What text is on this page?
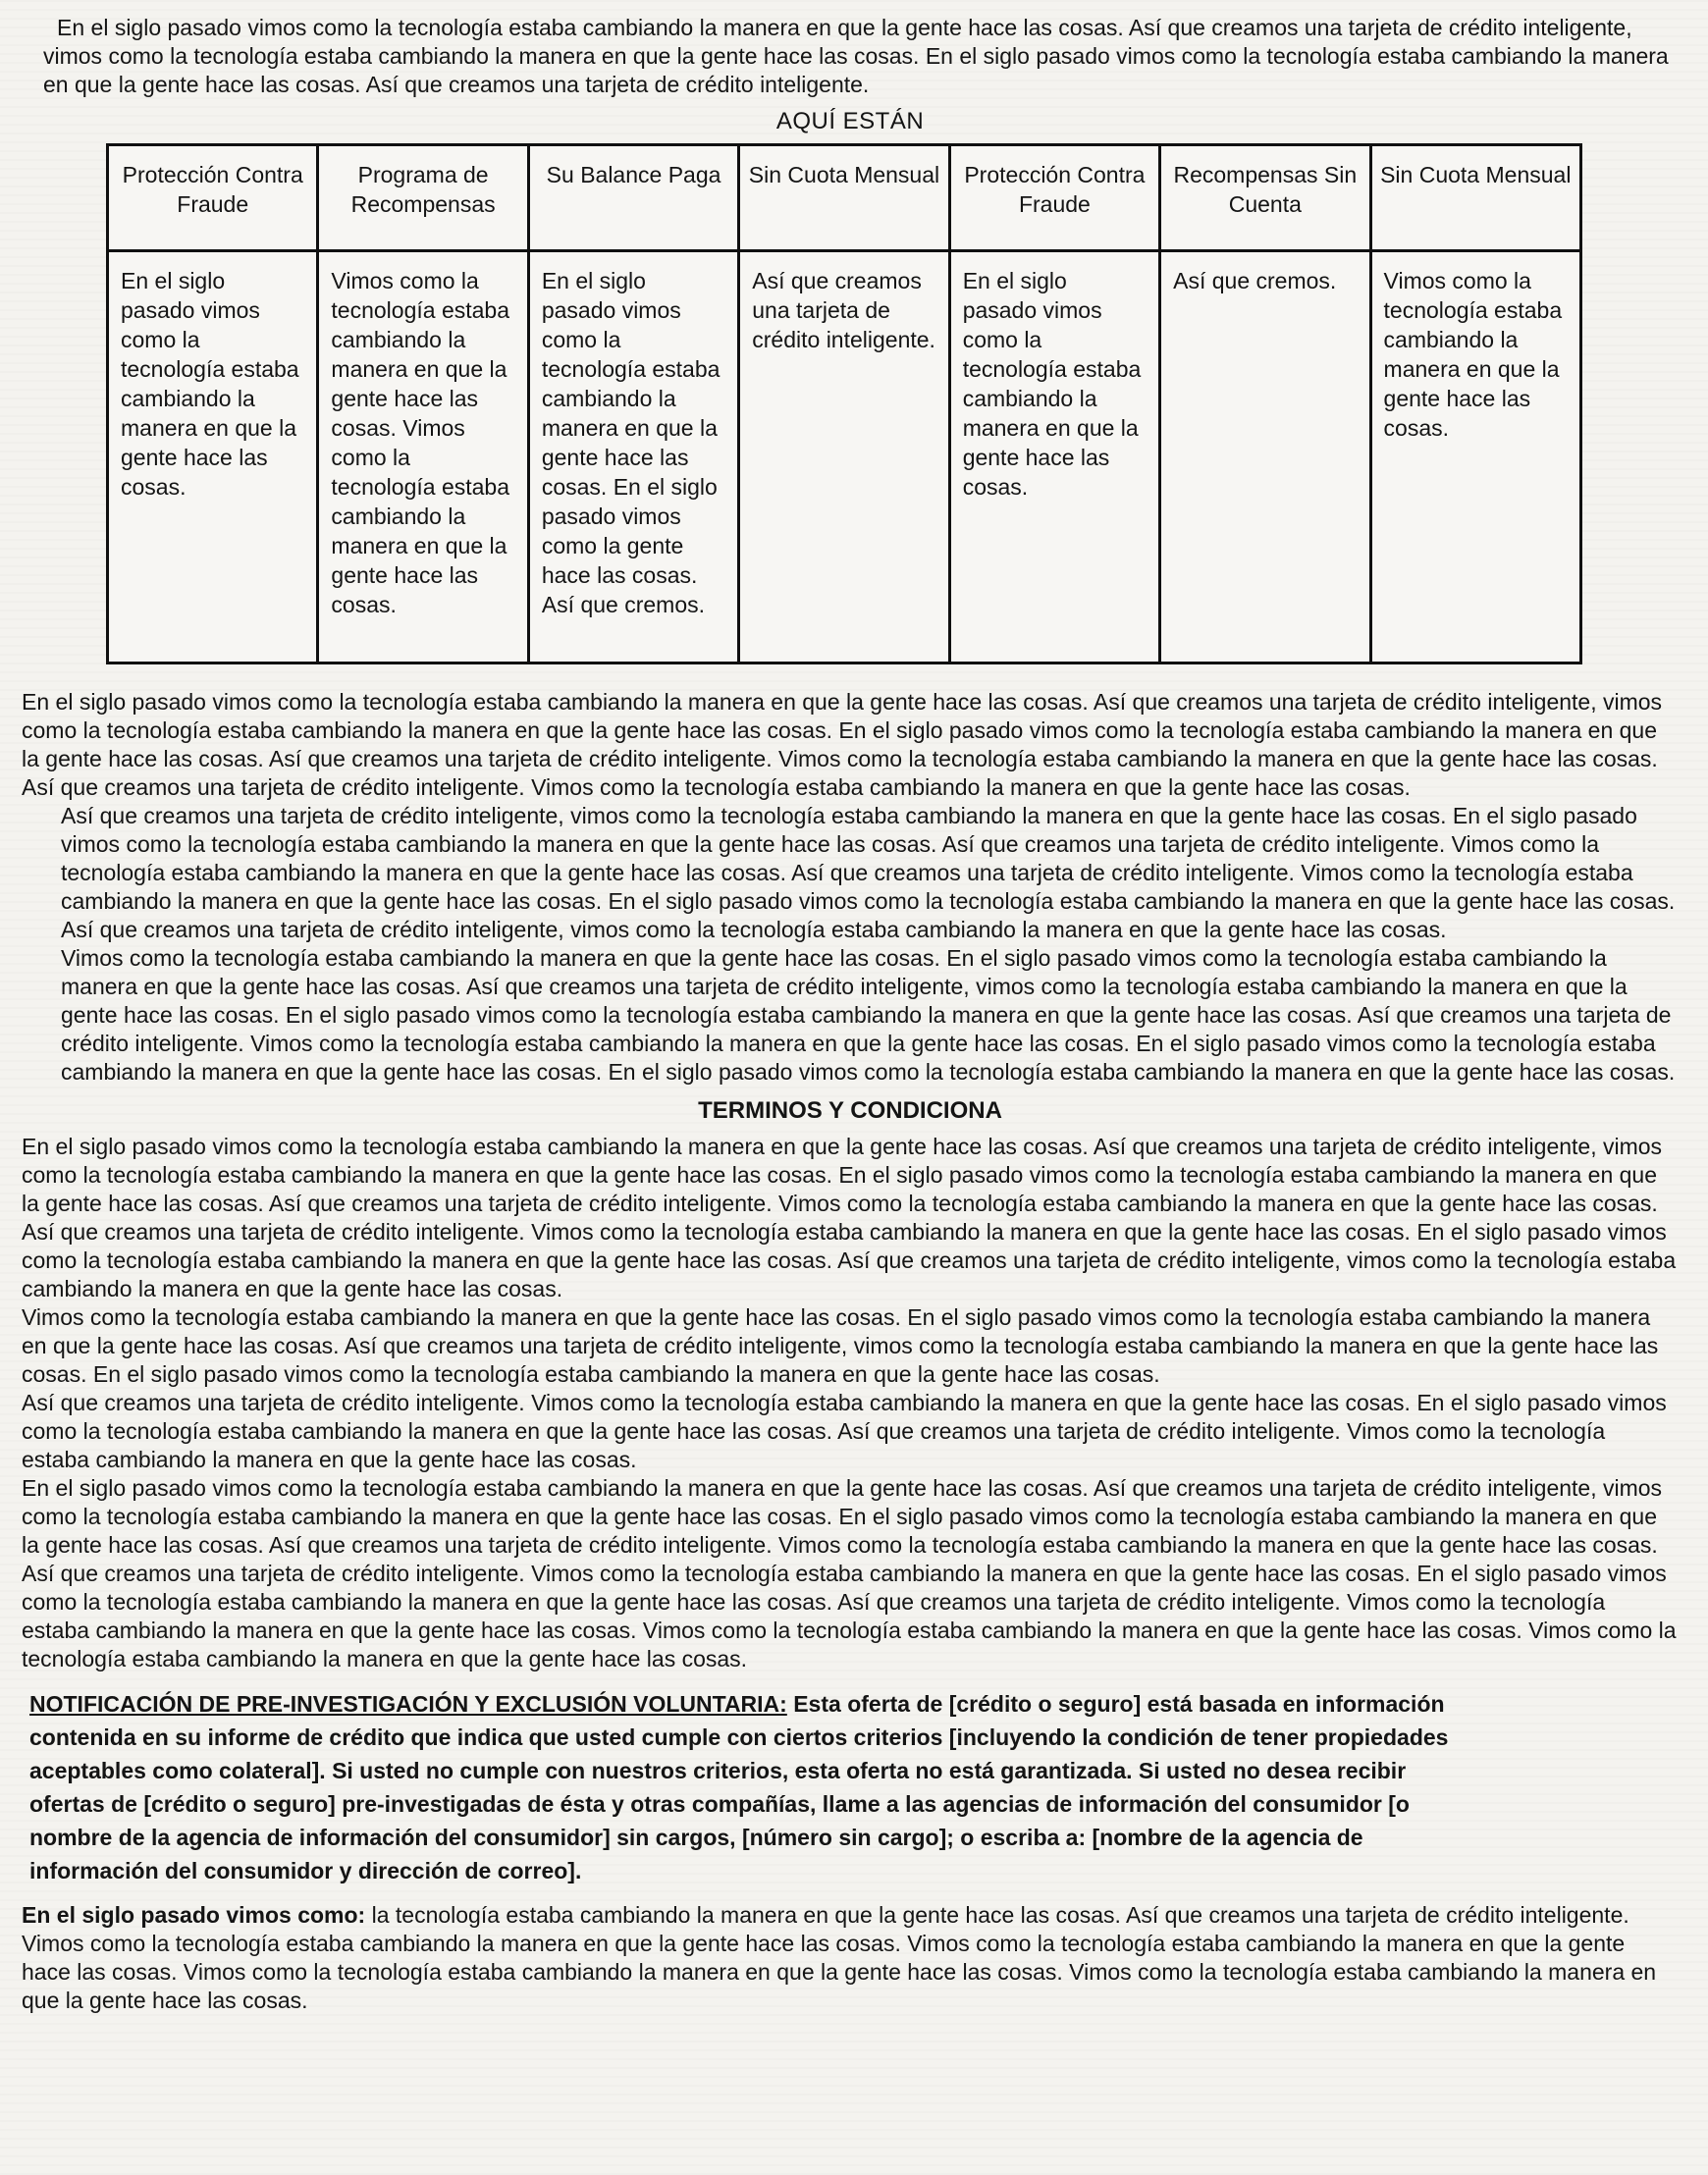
En el siglo pasado vimos como la tecnología estaba cambiando la manera en que la gente hace las cosas. Así que creamos una tarjeta de crédito inteligente, vimos como la tecnología estaba cambiando la manera en que la gente hace las cosas. En el siglo pasado vimos como la tecnología estaba cambiando la manera en que la gente hace las cosas. Así que creamos una tarjeta de crédito inteligente.

AQUÍ ESTÁN
Protección Contra Fraude	Programa de Recompensas	Su Balance Paga	Sin Cuota Mensual	Protección Contra Fraude	Recompensas Sin Cuenta	Sin Cuota Mensual
En el siglo pasado vimos como la tecnología estaba cambiando la manera en que la gente hace las cosas.	Vimos como la tecnología estaba cambiando la manera en que la gente hace las cosas. Vimos como la tecnología estaba cambiando la manera en que la gente hace las cosas.	En el siglo pasado vimos como la tecnología estaba cambiando la manera en que la gente hace las cosas. En el siglo pasado vimos como la gente hace las cosas. Así que cremos.	Así que creamos una tarjeta de crédito inteligente.	En el siglo pasado vimos como la tecnología estaba cambiando la manera en que la gente hace las cosas.	Así que cremos.	Vimos como la tecnología estaba cambiando la manera en que la gente hace las cosas.

En el siglo pasado vimos como la tecnología estaba cambiando la manera en que la gente hace las cosas. Así que creamos una tarjeta de crédito inteligente, vimos como la tecnología estaba cambiando la manera en que la gente hace las cosas. En el siglo pasado vimos como la tecnología estaba cambiando la manera en que la gente hace las cosas. Así que creamos una tarjeta de crédito inteligente. Vimos como la tecnología estaba cambiando la manera en que la gente hace las cosas. Así que creamos una tarjeta de crédito inteligente. Vimos como la tecnología estaba cambiando la manera en que la gente hace las cosas.

Así que creamos una tarjeta de crédito inteligente, vimos como la tecnología estaba cambiando la manera en que la gente hace las cosas. En el siglo pasado vimos como la tecnología estaba cambiando la manera en que la gente hace las cosas. Así que creamos una tarjeta de crédito inteligente. Vimos como la tecnología estaba cambiando la manera en que la gente hace las cosas. Así que creamos una tarjeta de crédito inteligente. Vimos como la tecnología estaba cambiando la manera en que la gente hace las cosas. En el siglo pasado vimos como la tecnología estaba cambiando la manera en que la gente hace las cosas. Así que creamos una tarjeta de crédito inteligente, vimos como la tecnología estaba cambiando la manera en que la gente hace las cosas.

Vimos como la tecnología estaba cambiando la manera en que la gente hace las cosas. En el siglo pasado vimos como la tecnología estaba cambiando la manera en que la gente hace las cosas. Así que creamos una tarjeta de crédito inteligente, vimos como la tecnología estaba cambiando la manera en que la gente hace las cosas. En el siglo pasado vimos como la tecnología estaba cambiando la manera en que la gente hace las cosas. Así que creamos una tarjeta de crédito inteligente. Vimos como la tecnología estaba cambiando la manera en que la gente hace las cosas. En el siglo pasado vimos como la tecnología estaba cambiando la manera en que la gente hace las cosas. En el siglo pasado vimos como la tecnología estaba cambiando la manera en que la gente hace las cosas.

TERMINOS Y CONDICIONA

En el siglo pasado vimos como la tecnología estaba cambiando la manera en que la gente hace las cosas. Así que creamos una tarjeta de crédito inteligente, vimos como la tecnología estaba cambiando la manera en que la gente hace las cosas. En el siglo pasado vimos como la tecnología estaba cambiando la manera en que la gente hace las cosas. Así que creamos una tarjeta de crédito inteligente. Vimos como la tecnología estaba cambiando la manera en que la gente hace las cosas.

Así que creamos una tarjeta de crédito inteligente. Vimos como la tecnología estaba cambiando la manera en que la gente hace las cosas. En el siglo pasado vimos como la tecnología estaba cambiando la manera en que la gente hace las cosas. Así que creamos una tarjeta de crédito inteligente, vimos como la tecnología estaba cambiando la manera en que la gente hace las cosas.

Vimos como la tecnología estaba cambiando la manera en que la gente hace las cosas. En el siglo pasado vimos como la tecnología estaba cambiando la manera en que la gente hace las cosas. Así que creamos una tarjeta de crédito inteligente, vimos como la tecnología estaba cambiando la manera en que la gente hace las cosas. En el siglo pasado vimos como la tecnología estaba cambiando la manera en que la gente hace las cosas.

Así que creamos una tarjeta de crédito inteligente. Vimos como la tecnología estaba cambiando la manera en que la gente hace las cosas. En el siglo pasado vimos como la tecnología estaba cambiando la manera en que la gente hace las cosas. Así que creamos una tarjeta de crédito inteligente. Vimos como la tecnología estaba cambiando la manera en que la gente hace las cosas.

En el siglo pasado vimos como la tecnología estaba cambiando la manera en que la gente hace las cosas. Así que creamos una tarjeta de crédito inteligente, vimos como la tecnología estaba cambiando la manera en que la gente hace las cosas. En el siglo pasado vimos como la tecnología estaba cambiando la manera en que la gente hace las cosas. Así que creamos una tarjeta de crédito inteligente. Vimos como la tecnología estaba cambiando la manera en que la gente hace las cosas. Así que creamos una tarjeta de crédito inteligente. Vimos como la tecnología estaba cambiando la manera en que la gente hace las cosas. En el siglo pasado vimos como la tecnología estaba cambiando la manera en que la gente hace las cosas. Así que creamos una tarjeta de crédito inteligente. Vimos como la tecnología estaba cambiando la manera en que la gente hace las cosas. Vimos como la tecnología estaba cambiando la manera en que la gente hace las cosas. Vimos como la tecnología estaba cambiando la manera en que la gente hace las cosas.

NOTIFICACIÓN DE PRE-INVESTIGACIÓN Y EXCLUSIÓN VOLUNTARIA: Esta oferta de [crédito o seguro] está basada en información contenida en su informe de crédito que indica que usted cumple con ciertos criterios [incluyendo la condición de tener propiedades aceptables como colateral]. Si usted no cumple con nuestros criterios, esta oferta no está garantizada. Si usted no desea recibir ofertas de [crédito o seguro] pre-investigadas de ésta y otras compañías, llame a las agencias de información del consumidor [o nombre de la agencia de información del consumidor] sin cargos, [número sin cargo]; o escriba a: [nombre de la agencia de información del consumidor y dirección de correo].

En el siglo pasado vimos como: la tecnología estaba cambiando la manera en que la gente hace las cosas. Así que creamos una tarjeta de crédito inteligente. Vimos como la tecnología estaba cambiando la manera en que la gente hace las cosas. Vimos como la tecnología estaba cambiando la manera en que la gente hace las cosas. Vimos como la tecnología estaba cambiando la manera en que la gente hace las cosas. Vimos como la tecnología estaba cambiando la manera en que la gente hace las cosas.
